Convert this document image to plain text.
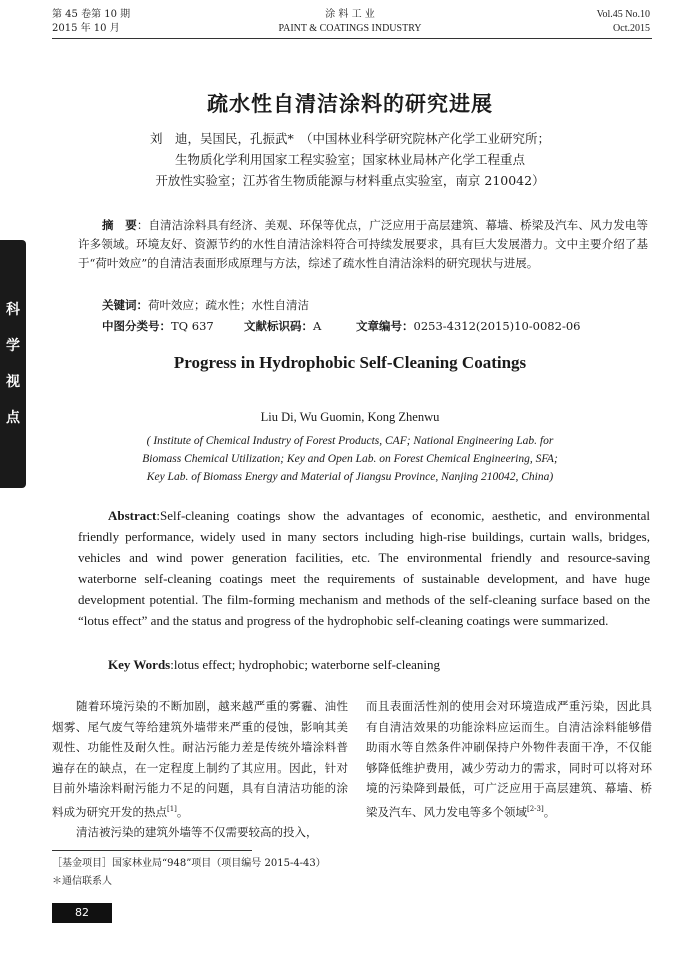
第 45 卷第 10 期
2015 年 10 月
涂 料 工 业
PAINT & COATINGS INDUSTRY
Vol.45 No.10
Oct.2015
科
学
视
点
疏水性自清洁涂料的研究进展
刘　迪，吴国民，孔振武*　（中国林业科学研究院林产化学工业研究所；
生物质化学利用国家工程实验室；国家林业局林产化学工程重点
开放性实验室；江苏省生物质能源与材料重点实验室，南京 210042）
摘　要：自清洁涂料具有经济、美观、环保等优点，广泛应用于高层建筑、幕墙、桥梁及汽车、风力发电等许多领域。环境友好、资源节约的水性自清洁涂料符合可持续发展要求，具有巨大发展潜力。文中主要介绍了基于“荷叶效应”的自清洁表面形成原理与方法，综述了疏水性自清洁涂料的研究现状与进展。
关键词：荷叶效应；疏水性；水性自清洁
中图分类号：TQ 637	文献标识码：A	文章编号：0253-4312(2015)10-0082-06
Progress in Hydrophobic Self-Cleaning Coatings
Liu Di, Wu Guomin, Kong Zhenwu
( Institute of Chemical Industry of Forest Products, CAF; National Engineering Lab. for
Biomass Chemical Utilization; Key and Open Lab. on Forest Chemical Engineering, SFA;
Key Lab. of Biomass Energy and Material of Jiangsu Province, Nanjing 210042, China)
Abstract:Self-cleaning coatings show the advantages of economic, aesthetic, and environmental friendly performance, widely used in many sectors including high-rise buildings, curtain walls, bridges, vehicles and wind power generation facilities, etc. The environmental friendly and resource-saving waterborne self-cleaning coatings meet the requirements of sustainable development, and have huge development potential. The film-forming mechanism and methods of the self-cleaning surface based on the “lotus effect” and the status and progress of the hydrophobic self-cleaning coatings were summarized.
Key Words:lotus effect; hydrophobic; waterborne self-cleaning
随着环境污染的不断加剧，越来越严重的雾霾、油性烟雾、尾气废气等给建筑外墙带来严重的侵蚀，影响其美观性、功能性及耐久性。耐沾污能力差是传统外墙涂料普遍存在的缺点，在一定程度上制约了其应用。因此，针对目前外墙涂料耐污能力不足的问题，具有自清洁功能的涂料成为研究开发的热点[1]。
清洁被污染的建筑外墙等不仅需要较高的投入，
而且表面活性剂的使用会对环境造成严重污染，因此具有自清洁效果的功能涂料应运而生。自清洁涂料能够借助雨水等自然条件冲刷保持户外物件表面干净，不仅能够降低维护费用，减少劳动力的需求，同时可以将对环境的污染降到最低，可广泛应用于高层建筑、幕墙、桥梁及汽车、风力发电等多个领域[2-3]。
［基金项目］国家林业局“948”项目（项目编号 2015-4-43）
＊通信联系人
82
